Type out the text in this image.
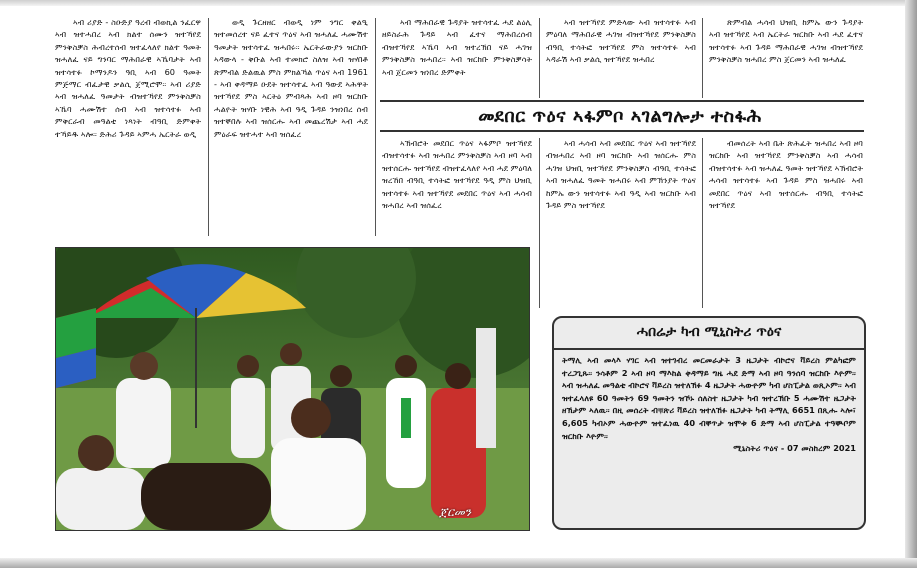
ኣብ ሪያድ - ስዑድያ ዓረብ ብወኪል ንፈርዋ ኣብ ዝተሓበረ ኣብ ክልተ ሰሙን ዝተኻየደ ምንቅስቓስ ሕብረተሰብ ዝተፈላለየ ክልተ ዓመት ዝሓለፈ ናይ ግንባር ማሕበራዊ ኣኼባታት ኣብ ዝተሳተፉ ኮማንዶን ዓቢ ኣብ 60 ዓመት ምጅማር ብፈታዊ ቃልሲ ጀሚሮሞ። ኣብ ሪያድ ኣብ ዝሓለፈ ዓመታት ብዝተኻየደ ምንቅስቓስ ኣኼባ ሓሙሽተ ሰብ ኣብ ዝተሳተፉ ኣብ ምቅርራብ መዓልቲ ነጻነት ብዓቢ ድምቀት ተኻይዱ ኣሎ። ድሕሪ ጉዳይ ኣምሓ ኤርትራ ወዲ

ወዲ ጉርዘዘር ብወዲ ነም ንግር ቀልዒ ዝተመሰረተ ናይ ፈተና ጥዕና ኣብ ዝሓለፈ ሓሙሽተ ዓመታት ዝተሳተፈ ዝሓበሩ። ኤርትራውያን ዝርከቡ ኣዳውላ - ቅቡል ኣብ ተመክሮ ስለዝ ኣብ ዝሃበቶ ጽምብል ድልዉል ምስ ምክልኻል ጥዕና ኣብ 1961 - ኣብ ቀዳማይ ዑደት ዝተሳተፈ ኣብ ዓውደ ኣሕዋት ዝተኻየደ ምስ ኣርትዕ ምብጻሕ ኣብ ዞባ ዝርከቡ ሓልዮት ዝሃቡ ነዊሕ ኣብ ዓዲ ጉዳይ ንዝነበረ ሰብ ዝተቐበሉ ኣብ ዝሰርሑ ኣብ መጨረሽታ ኣብ ሓደ ምዕራፍ ዝተሓተ ኣብ ዝሰፈረ

ኣብ ማሕበራዊ ጉዳያት ዝተሳተፈ ሓደ ልዕሊ ዘይስራሕ ጉዳይ ኣብ ፈተና ማሕበረሰብ ብዝተኻየደ ኣኼባ ኣብ ዝተረኽበ ናይ ሓገዝ ምንቅስቓስ ዝሓበረ። ኣብ ዝርከቡ ምንቅስቓሳት ኣብ ጀርመን ዝነበረ ድምቀት

ኣብ ዝተኻየደ ምድላው ኣብ ዝተሳተፉ ኣብ ምዕባለ ማሕበራዊ ሓገዝ ብዝተኻየደ ምንቅስቓስ ብዓቢ ተሳትፎ ዝተኻየደ ምስ ዝተሳተፉ ኣብ ኣዳራሽ ኣብ ቃልሲ ዝተኻየደ ዝሓበረ

ጽምብል ሓሳብ ህዝቢ ከምኡ ውን ጉዳያት ኣብ ዝተኻየደ ኣብ ኤርትራ ዝርከቡ ኣብ ሓደ ፈተና ዝተሳተፉ ኣብ ጉዳይ ማሕበራዊ ሓገዝ ብዝተኻየደ ምንቅስቓስ ዝሓበረ ምስ ጀርመን ኣብ ዝሓለፈ

መደበር ጥዕና ኣፋምቦ ኣገልግሎታ ተስፋሕ

ኣኽብሮት መደበር ጥዕና ኣፋምቦ ዝተኻየደ ብዝተሳተፉ ኣብ ዝሓበረ ምንቅስቓስ ኣብ ዞባ ኣብ ዝተሰርሑ ዝተኻየደ ብዝተፈላለየ ኣብ ሓደ ምዕባለ ዝረኸበ ብዓቢ ተሳትፎ ዝተኻየደ ዓዲ ምስ ህዝቢ ዝተሳተፉ ኣብ ዝተኻየደ መደበር ጥዕና ኣብ ሓሳብ ዝሓበረ ኣብ ዝሰፈረ

ኣብ ሓሳብ ኣብ መደበር ጥዕና ኣብ ዝተኻየደ ብዝሓበረ ኣብ ዞባ ዝርከቡ ኣብ ዝሰርሑ ምስ ሓገዝ ህዝቢ ዝተኻየደ ምንቅስቓስ ብዓቢ ተሳትፎ ኣብ ዝሓለፈ ዓመት ዝሓበሩ ኣብ ምኽንያት ጥዕና ከምኡ ውን ዝተሳተፉ ኣብ ዓዲ ኣብ ዝርከቡ ኣብ ጉዳይ ምስ ዝተኻየደ

ብመሰረት ኣብ ቤት ጽሕፈት ዝሓበረ ኣብ ዞባ ዝርከቡ ኣብ ዝተኻየደ ምንቅስቓስ ኣብ ሓሳብ ብዝተሳተፉ ኣብ ዝሓለፈ ዓመት ዝተኻየደ ኣኽብሮት ሓሳብ ዝተሳተፉ ኣብ ጉዳይ ምስ ዝሓበሩ ኣብ መደበር ጥዕና ኣብ ዝተሰርሑ ብዓቢ ተሳትፎ ዝተኻየደ

ጀርመን
ሓበሬታ ካብ ሚኒስትሪ ጥዕና

ትማሊ ኣብ መላእ ሃገር ኣብ ዝተገብረ መርመራታት 3 ዜጋታት ብኮሮና ቫይረስ ምልካፎም ተረጋጊጹ። ንሳቶም 2 ኣብ ዞባ ማእከል ቀዳማይ ግዜ ሓደ ድማ ኣብ ዞባ ዓንሰባ ዝርከቡ እዮም። ኣብ ዝሓለፈ መዓልቲ ብኮሮና ቫይረስ ዝተለኽፉ 4 ዜጋታት ሓውዮም ካብ ሆስፒታል ወጺኦም። ኣብ ዝተፈላለዩ 60 ዓመትን 69 ዓመትን ዝኾኑ ሰለስተ ዜጋታት ካብ ዝተረኽቡ 5 ሓሙሽተ ዜጋታት ዘኽታም ኣለዉ። በዚ መሰረት ብቑጽሪ ቫይረስ ዝተለኸፉ ዜጋታት ካብ ትማሊ 6651 በጺሑ ኣሎ፣ 6,605 ካብኦም ሓውዮም ዝተፈነዉ 40 ብቐጥታ ዝሞቱ 6 ድማ ኣብ ሆስፒታል ተዓቚቦም ዝርከቡ እዮም።

ሚኒስትሪ ጥዕና - 07 መስከረም 2021
